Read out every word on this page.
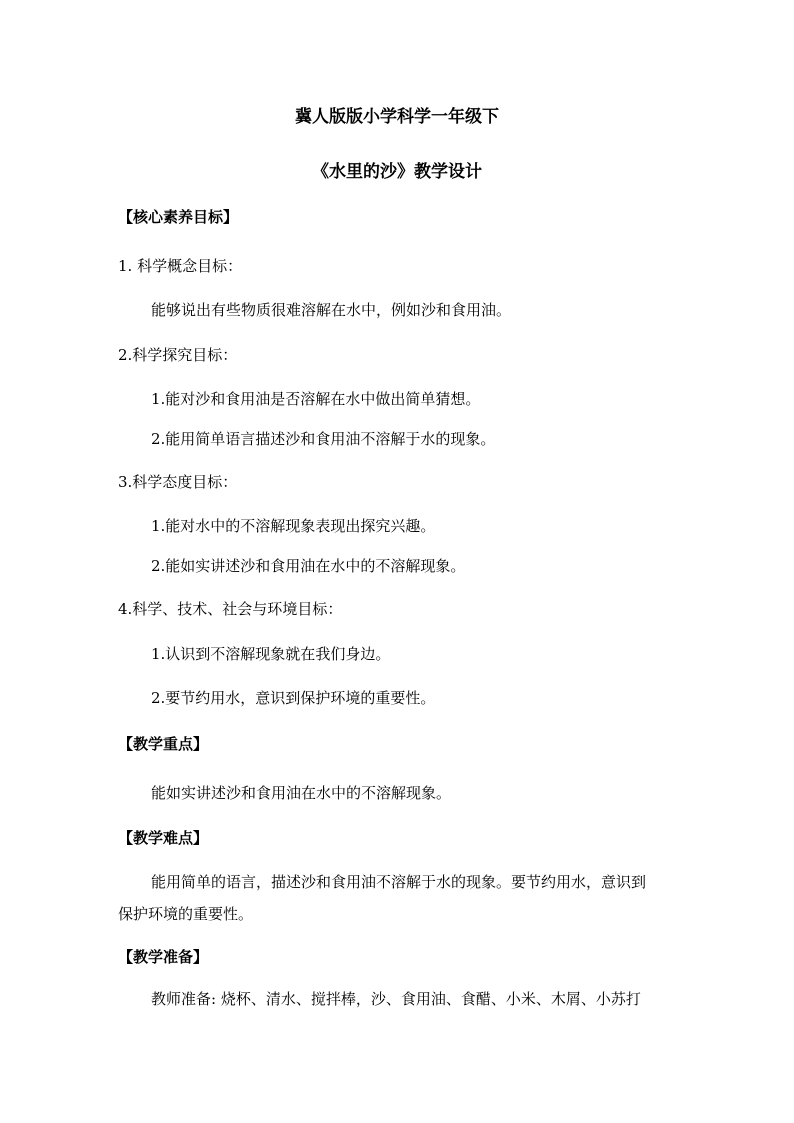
冀人版版小学科学一年级下
《水里的沙》教学设计
【核心素养目标】
1. 科学概念目标：
能够说出有些物质很难溶解在水中，例如沙和食用油。
2.科学探究目标：
1.能对沙和食用油是否溶解在水中做出简单猜想。
2.能用简单语言描述沙和食用油不溶解于水的现象。
3.科学态度目标：
1.能对水中的不溶解现象表现出探究兴趣。
2.能如实讲述沙和食用油在水中的不溶解现象。
4.科学、技术、社会与环境目标：
1.认识到不溶解现象就在我们身边。
2.要节约用水，意识到保护环境的重要性。
【教学重点】
能如实讲述沙和食用油在水中的不溶解现象。
【教学难点】
能用简单的语言，描述沙和食用油不溶解于水的现象。要节约用水，意识到
保护环境的重要性。
【教学准备】
教师准备: 烧杯、清水、搅拌棒，沙、食用油、食醋、小米、木屑、小苏打
